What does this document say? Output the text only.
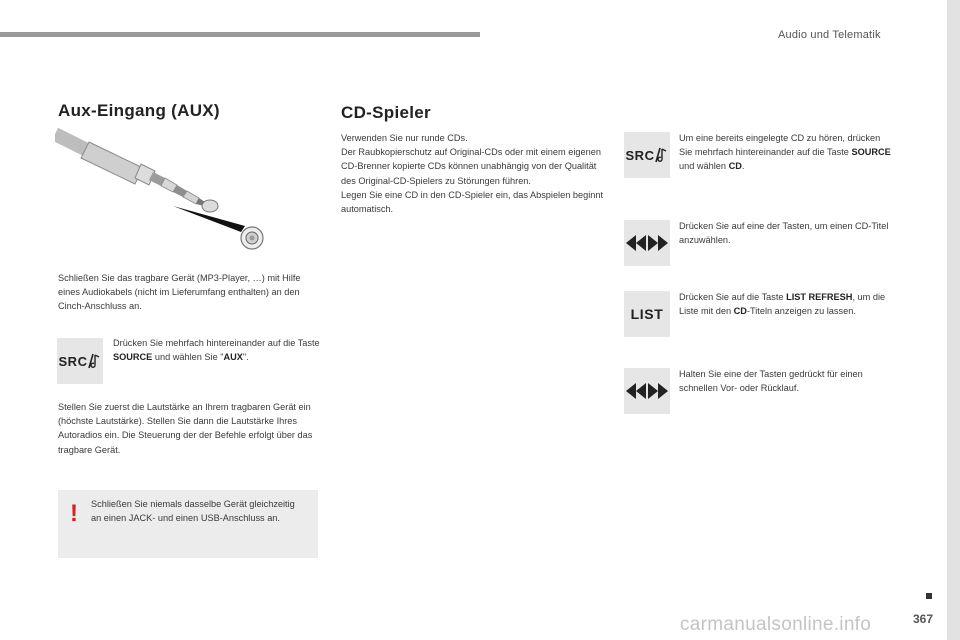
Audio und Telematik
Aux-Eingang (AUX)
Schließen Sie das tragbare Gerät (MP3-Player, …) mit Hilfe eines Audiokabels (nicht im Lieferumfang enthalten) an den Cinch-Anschluss an.
SRC
Drücken Sie mehrfach hintereinander auf die Taste SOURCE und wählen Sie "AUX".
Stellen Sie zuerst die Lautstärke an Ihrem tragbaren Gerät ein (höchste Lautstärke). Stellen Sie dann die Lautstärke Ihres Autoradios ein. Die Steuerung der der Befehle erfolgt über das tragbare Gerät.
! Schließen Sie niemals dasselbe Gerät gleichzeitig an einen JACK- und einen USB-Anschluss an.
CD-Spieler
Verwenden Sie nur runde CDs.
Der Raubkopierschutz auf Original-CDs oder mit einem eigenen CD-Brenner kopierte CDs können unabhängig von der Qualität des Original-CD-Spielers zu Störungen führen.
Legen Sie eine CD in den CD-Spieler ein, das Abspielen beginnt automatisch.
SRC
Um eine bereits eingelegte CD zu hören, drücken Sie mehrfach hintereinander auf die Taste SOURCE und wählen CD.
Drücken Sie auf eine der Tasten, um einen CD-Titel anzuwählen.
LIST
Drücken Sie auf die Taste LIST REFRESH, um die Liste mit den CD-Titeln anzeigen zu lassen.
Halten Sie eine der Tasten gedrückt für einen schnellen Vor- oder Rücklauf.
367
carmanualsonline.info
